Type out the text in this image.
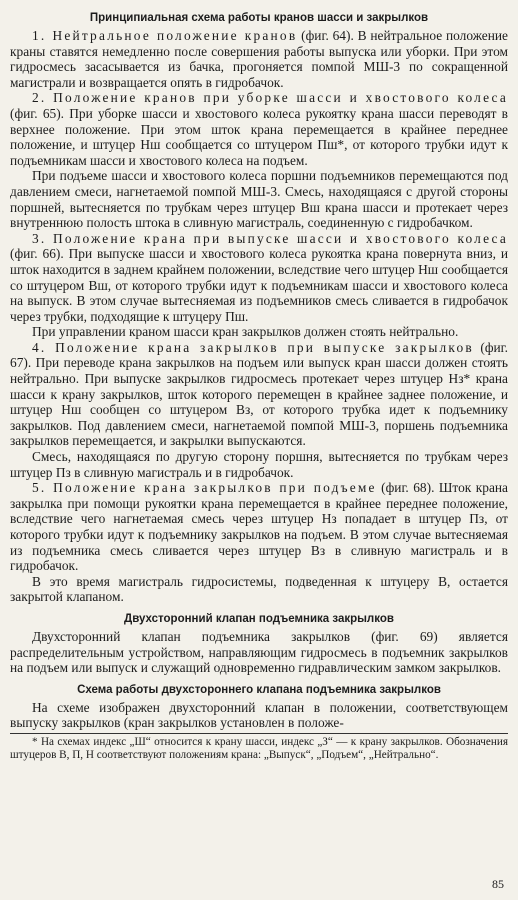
Принципиальная схема работы кранов шасси и закрылков

1. Нейтральное положение кранов (фиг. 64). В нейтральное положение краны ставятся немедленно после совершения работы выпуска или уборки. При этом гидросмесь засасывается из бачка, прогоняется помпой МШ-3 по сокращенной магистрали и возвращается опять в гидробачок.

2. Положение кранов при уборке шасси и хвостового колеса (фиг. 65). При уборке шасси и хвостового колеса рукоятку крана шасси переводят в верхнее положение. При этом шток крана перемещается в крайнее переднее положение, и штуцер Нш сообщается со штуцером Пш*, от которого трубки идут к подъемникам шасси и хвостового колеса на подъем.

При подъеме шасси и хвостового колеса поршни подъемников перемещаются под давлением смеси, нагнетаемой помпой МШ-3. Смесь, находящаяся с другой стороны поршней, вытесняется по трубкам через штуцер Вш крана шасси и протекает через внутреннюю полость штока в сливную магистраль, соединенную с гидробачком.

3. Положение крана при выпуске шасси и хвостового колеса (фиг. 66). При выпуске шасси и хвостового колеса рукоятка крана повернута вниз, и шток находится в заднем крайнем положении, вследствие чего штуцер Нш сообщается со штуцером Вш, от которого трубки идут к подъемникам шасси и хвостового колеса на выпуск. В этом случае вытесняемая из подъемников смесь сливается в гидробачок через трубки, подходящие к штуцеру Пш.

При управлении краном шасси кран закрылков должен стоять нейтрально.

4. Положение крана закрылков при выпуске закрылков (фиг. 67). При переводе крана закрылков на подъем или выпуск кран шасси должен стоять нейтрально. При выпуске закрылков гидросмесь протекает через штуцер Нз* крана шасси к крану закрылков, шток которого перемещен в крайнее заднее положение, и штуцер Нш сообщен со штуцером Вз, от которого трубка идет к подъемнику закрылков. Под давлением смеси, нагнетаемой помпой МШ-3, поршень подъемника закрылков перемещается, и закрылки выпускаются.

Смесь, находящаяся по другую сторону поршня, вытесняется по трубкам через штуцер Пз в сливную магистраль и в гидробачок.

5. Положение крана закрылков при подъеме (фиг. 68). Шток крана закрылка при помощи рукоятки крана перемещается в крайнее переднее положение, вследствие чего нагнетаемая смесь через штуцер Нз попадает в штуцер Пз, от которого трубки идут к подъемнику закрылков на подъем. В этом случае вытесняемая из подъемника смесь сливается через штуцер Вз в сливную магистраль и в гидробачок.

В это время магистраль гидросистемы, подведенная к штуцеру В, остается закрытой клапаном.

Двухсторонний клапан подъемника закрылков

Двухсторонний клапан подъемника закрылков (фиг. 69) является распределительным устройством, направляющим гидросмесь в подъемник закрылков на подъем или выпуск и служащий одновременно гидравлическим замком закрылков.

Схема работы двухстороннего клапана подъемника закрылков

На схеме изображен двухсторонний клапан в положении, соответствующем выпуску закрылков (кран закрылков установлен в положе-

* На схемах индекс „Ш“ относится к крану шасси, индекс „З“ — к крану закрылков. Обозначения штуцеров В, П, Н соответствуют положениям крана: „Выпуск“, „Подъем“, „Нейтрально“.

85
